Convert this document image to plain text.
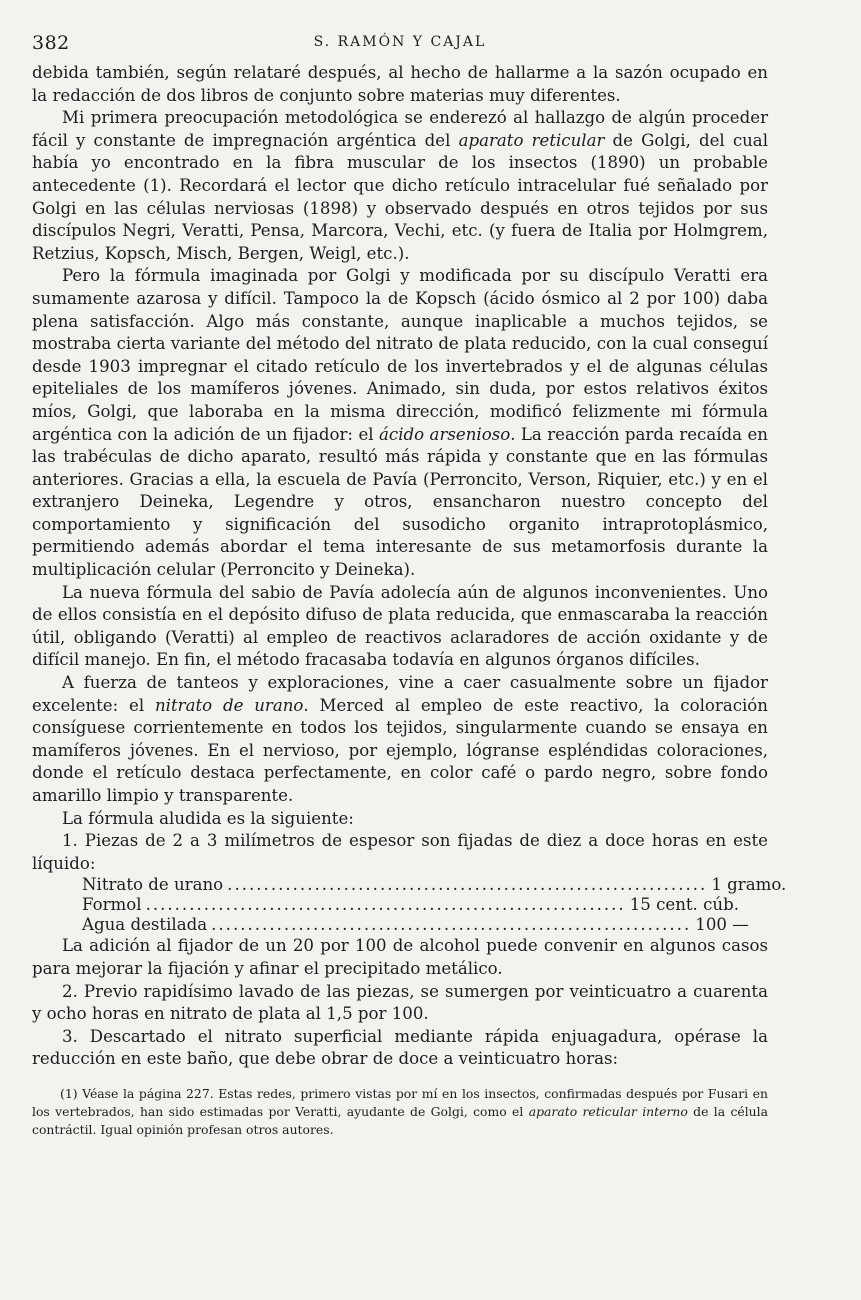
382	S. RAMÓN Y CAJAL

debida también, según relataré después, al hecho de hallarme a la sazón ocupado en la redacción de dos libros de conjunto sobre materias muy diferentes.

Mi primera preocupación metodológica se enderezó al hallazgo de algún proceder fácil y constante de impregnación argéntica del aparato reticular de Golgi, del cual había yo encontrado en la fibra muscular de los insectos (1890) un probable antecedente (1). Recordará el lector que dicho retículo intracelular fué señalado por Golgi en las células nerviosas (1898) y observado después en otros tejidos por sus discípulos Negri, Veratti, Pensa, Marcora, Vechi, etc. (y fuera de Italia por Holmgrem, Retzius, Kopsch, Misch, Bergen, Weigl, etc.).

Pero la fórmula imaginada por Golgi y modificada por su discípulo Veratti era sumamente azarosa y difícil. Tampoco la de Kopsch (ácido ósmico al 2 por 100) daba plena satisfacción. Algo más constante, aunque inaplicable a muchos tejidos, se mostraba cierta variante del método del nitrato de plata reducido, con la cual conseguí desde 1903 impregnar el citado retículo de los invertebrados y el de algunas células epiteliales de los mamíferos jóvenes. Animado, sin duda, por estos relativos éxitos míos, Golgi, que laboraba en la misma dirección, modificó felizmente mi fórmula argéntica con la adición de un fijador: el ácido arsenioso. La reacción parda recaída en las trabéculas de dicho aparato, resultó más rápida y constante que en las fórmulas anteriores. Gracias a ella, la escuela de Pavía (Perroncito, Verson, Riquier, etc.) y en el extranjero Deineka, Legendre y otros, ensancharon nuestro concepto del comportamiento y significación del susodicho organito intraprotoplásmico, permitiendo además abordar el tema interesante de sus metamorfosis durante la multiplicación celular (Perroncito y Deineka).

La nueva fórmula del sabio de Pavía adolecía aún de algunos inconvenientes. Uno de ellos consistía en el depósito difuso de plata reducida, que enmascaraba la reacción útil, obligando (Veratti) al empleo de reactivos aclaradores de acción oxidante y de difícil manejo. En fin, el método fracasaba todavía en algunos órganos difíciles.

A fuerza de tanteos y exploraciones, vine a caer casualmente sobre un fijador excelente: el nitrato de urano. Merced al empleo de este reactivo, la coloración consíguese corrientemente en todos los tejidos, singularmente cuando se ensaya en mamíferos jóvenes. En el nervioso, por ejemplo, lógranse espléndidas coloraciones, donde el retículo destaca perfectamente, en color café o pardo negro, sobre fondo amarillo limpio y transparente.

La fórmula aludida es la siguiente:

1. Piezas de 2 a 3 milímetros de espesor son fijadas de diez a doce horas en este líquido:

Nitrato de urano .................................................................. 1 gramo.
Formol .................................................................. 15 cent. cúb.
Agua destilada .................................................................. 100 —

La adición al fijador de un 20 por 100 de alcohol puede convenir en algunos casos para mejorar la fijación y afinar el precipitado metálico.

2. Previo rapidísimo lavado de las piezas, se sumergen por veinticuatro a cuarenta y ocho horas en nitrato de plata al 1,5 por 100.

3. Descartado el nitrato superficial mediante rápida enjuagadura, opérase la reducción en este baño, que debe obrar de doce a veinticuatro horas:

(1) Véase la página 227. Estas redes, primero vistas por mí en los insectos, confirmadas después por Fusari en los vertebrados, han sido estimadas por Veratti, ayudante de Golgi, como el aparato reticular interno de la célula contráctil. Igual opinión profesan otros autores.
